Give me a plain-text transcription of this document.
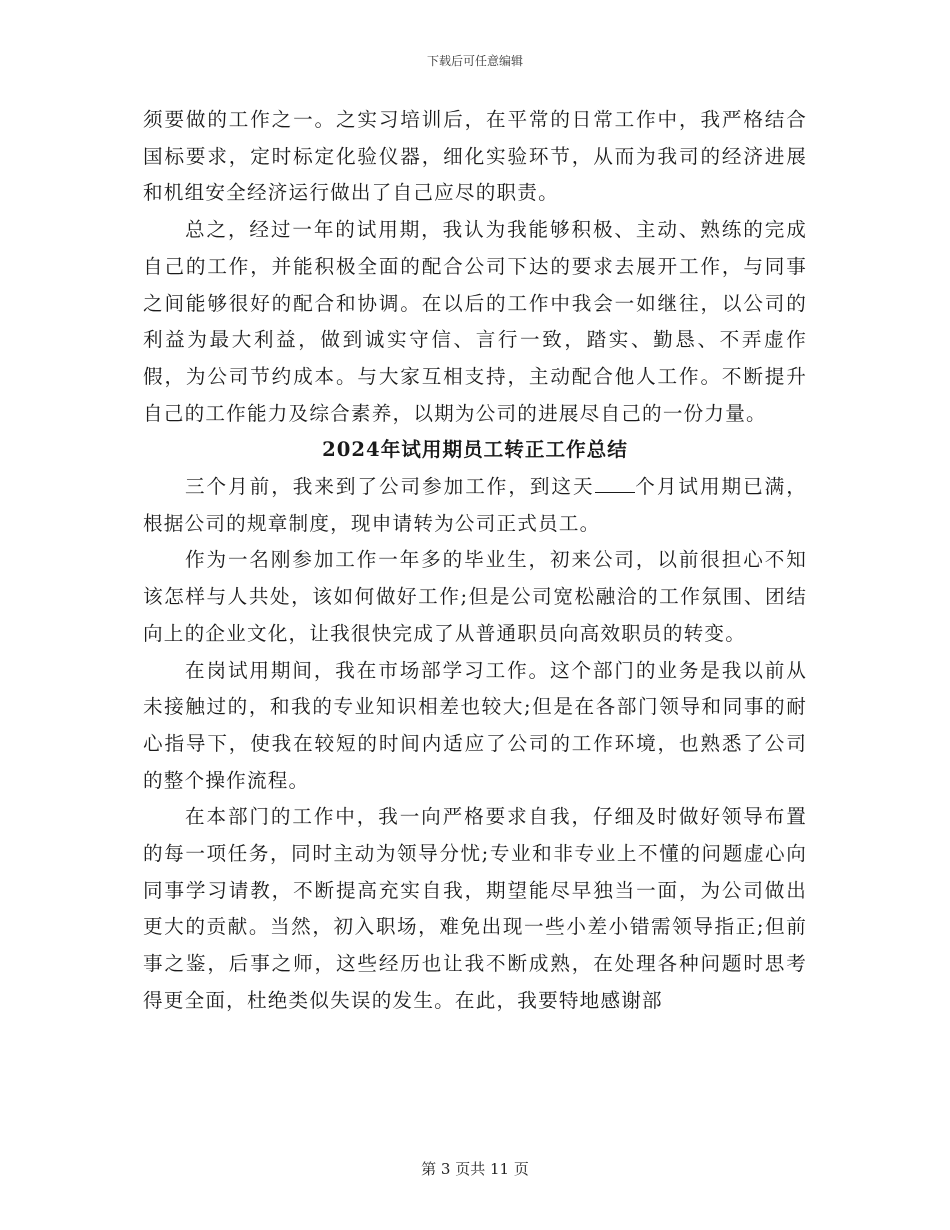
下载后可任意编辑

须要做的工作之一。之实习培训后，在平常的日常工作中，我严格结合国标要求，定时标定化验仪器，细化实验环节，从而为我司的经济进展和机组安全经济运行做出了自己应尽的职责。

总之，经过一年的试用期，我认为我能够积极、主动、熟练的完成自己的工作，并能积极全面的配合公司下达的要求去展开工作，与同事之间能够很好的配合和协调。在以后的工作中我会一如继往，以公司的利益为最大利益，做到诚实守信、言行一致，踏实、勤恳、不弄虚作假，为公司节约成本。与大家互相支持，主动配合他人工作。不断提升自己的工作能力及综合素养，以期为公司的进展尽自己的一份力量。

2024年试用期员工转正工作总结

三个月前，我来到了公司参加工作，到这天 个月试用期已满，根据公司的规章制度，现申请转为公司正式员工。

作为一名刚参加工作一年多的毕业生，初来公司，以前很担心不知该怎样与人共处，该如何做好工作;但是公司宽松融洽的工作氛围、团结向上的企业文化，让我很快完成了从普通职员向高效职员的转变。

在岗试用期间，我在市场部学习工作。这个部门的业务是我以前从未接触过的，和我的专业知识相差也较大;但是在各部门领导和同事的耐心指导下，使我在较短的时间内适应了公司的工作环境，也熟悉了公司的整个操作流程。

在本部门的工作中，我一向严格要求自我，仔细及时做好领导布置的每一项任务，同时主动为领导分忧;专业和非专业上不懂的问题虚心向同事学习请教，不断提高充实自我，期望能尽早独当一面，为公司做出更大的贡献。当然，初入职场，难免出现一些小差小错需领导指正;但前事之鉴，后事之师，这些经历也让我不断成熟，在处理各种问题时思考得更全面，杜绝类似失误的发生。在此，我要特地感谢部

第 3 页共 11 页
